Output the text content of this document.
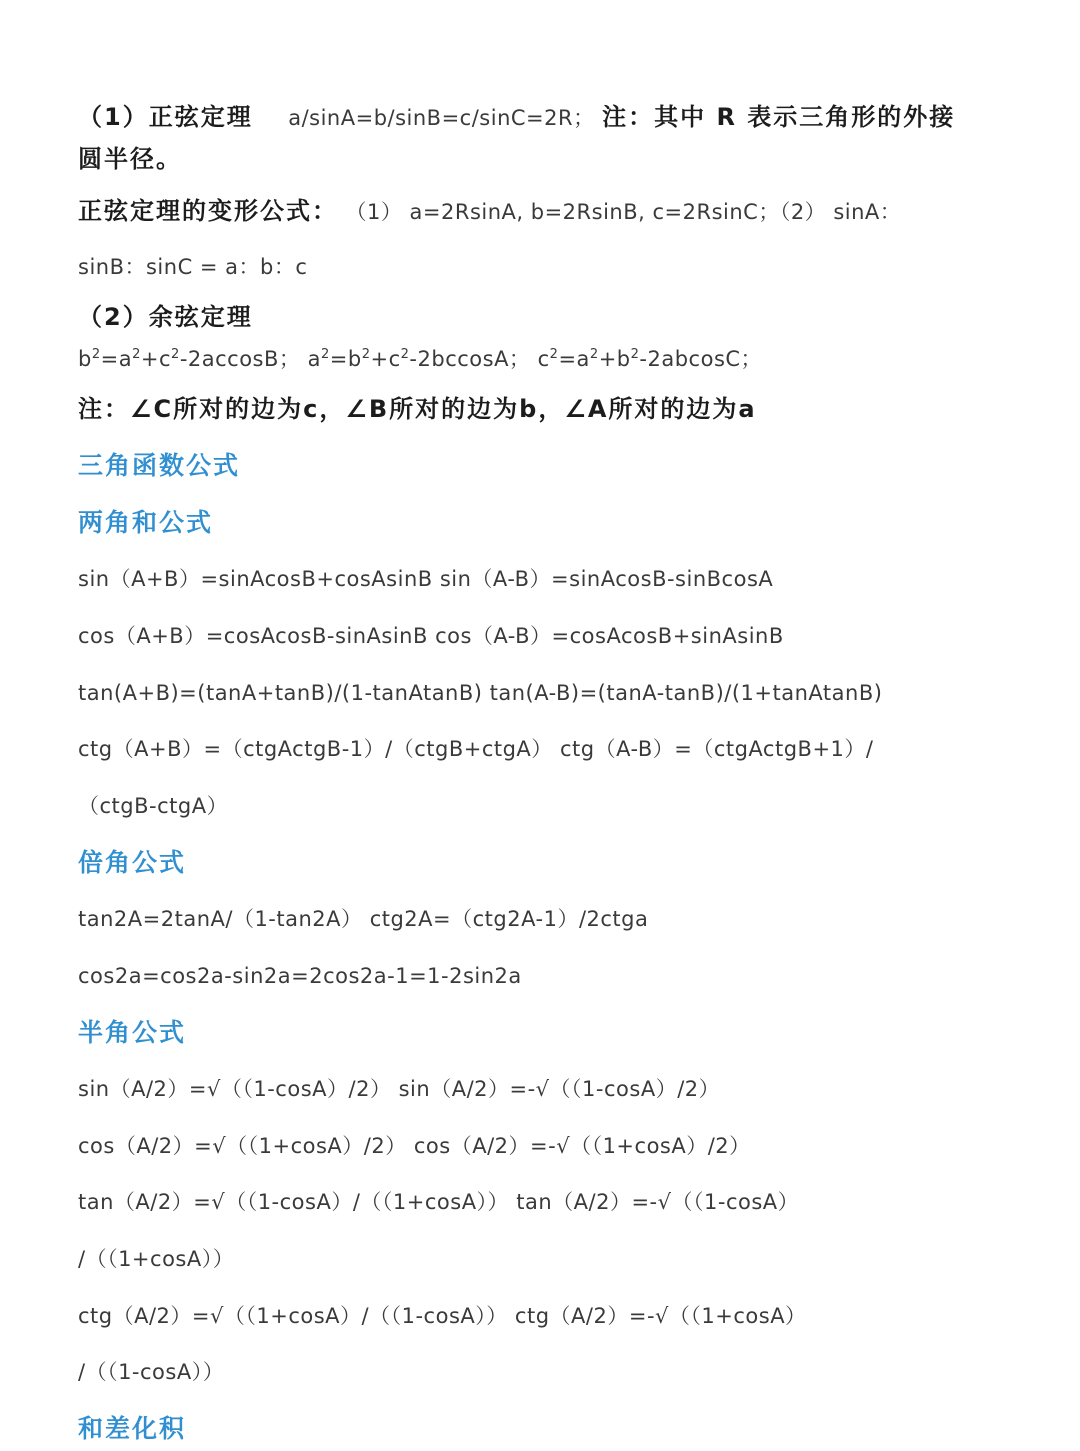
（1）正弦定理 a/sinA=b/sinB=c/sinC=2R； 注：其中 R 表示三角形的外接
圆半径。
正弦定理的变形公式： （1） a=2RsinA, b=2RsinB, c=2RsinC；（2） sinA：
sinB：sinC = a：b：c
（2）余弦定理
$b^2=a^2+c^2-2accosB$； $a^2=b^2+c^2-2bccosA$； $c^2=a^2+b^2-2abcosC$；
注：∠C所对的边为c，∠B所对的边为b，∠A所对的边为a
三角函数公式
两角和公式
sin（A+B）=sinAcosB+cosAsinB sin（A-B）=sinAcosB-sinBcosA
cos（A+B）=cosAcosB-sinAsinB cos（A-B）=cosAcosB+sinAsinB
tan(A+B)=(tanA+tanB)/(1-tanAtanB) tan(A-B)=(tanA-tanB)/(1+tanAtanB)
ctg（A+B）=（ctgActgB-1）/（ctgB+ctgA） ctg（A-B）=（ctgActgB+1）/
（ctgB-ctgA）
倍角公式
tan2A=2tanA/（1-tan2A） ctg2A=（ctg2A-1）/2ctga
cos2a=cos2a-sin2a=2cos2a-1=1-2sin2a
半角公式
sin（A/2）=√（（1-cosA）/2） sin（A/2）=-√（（1-cosA）/2）
cos（A/2）=√（（1+cosA）/2） cos（A/2）=-√（（1+cosA）/2）
tan（A/2）=√（（1-cosA）/（（1+cosA）） tan（A/2）=-√（（1-cosA）
/（（1+cosA））
ctg（A/2）=√（（1+cosA）/（（1-cosA）） ctg（A/2）=-√（（1+cosA）
/（（1-cosA））
和差化积
